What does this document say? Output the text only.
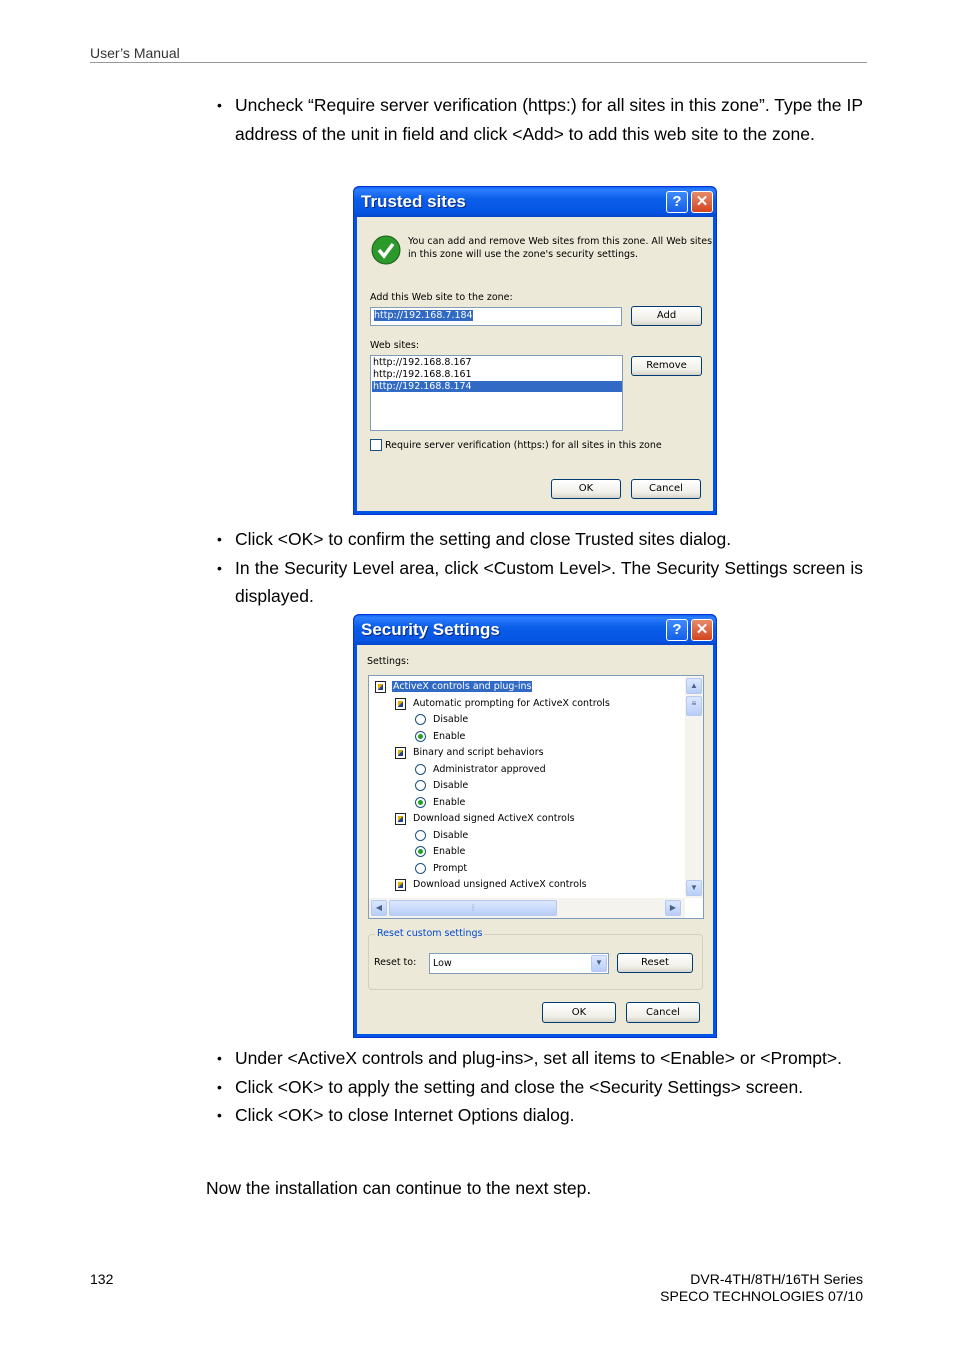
User’s Manual
• Uncheck “Require server verification (https:) for all sites in this zone”. Type the IP address of the unit in field and click <Add> to add this web site to the zone.
Trusted sites	? ✕
You can add and remove Web sites from this zone. All Web sites
in this zone will use the zone's security settings.
Add this Web site to the zone:
http://192.168.7.184	Add
Web sites:
http://192.168.8.167
http://192.168.8.161
http://192.168.8.174
Remove
Require server verification (https:) for all sites in this zone
OK	Cancel
• Click <OK> to confirm the setting and close Trusted sites dialog.
• In the Security Level area, click <Custom Level>. The Security Settings screen is displayed.
Security Settings	? ✕
Settings:
ActiveX controls and plug-ins
Automatic prompting for ActiveX controls
Disable
Enable
Binary and script behaviors
Administrator approved
Disable
Enable
Download signed ActiveX controls
Disable
Enable
Prompt
Download unsigned ActiveX controls
▲
≡
▼
◀	⦙	▶
Reset custom settings
Reset to: Low	▼	Reset
OK	Cancel
• Under <ActiveX controls and plug-ins>, set all items to <Enable> or <Prompt>.
• Click <OK> to apply the setting and close the <Security Settings> screen.
• Click <OK> to close Internet Options dialog.
Now the installation can continue to the next step.
132	DVR-4TH/8TH/16TH Series
SPECO TECHNOLOGIES 07/10
